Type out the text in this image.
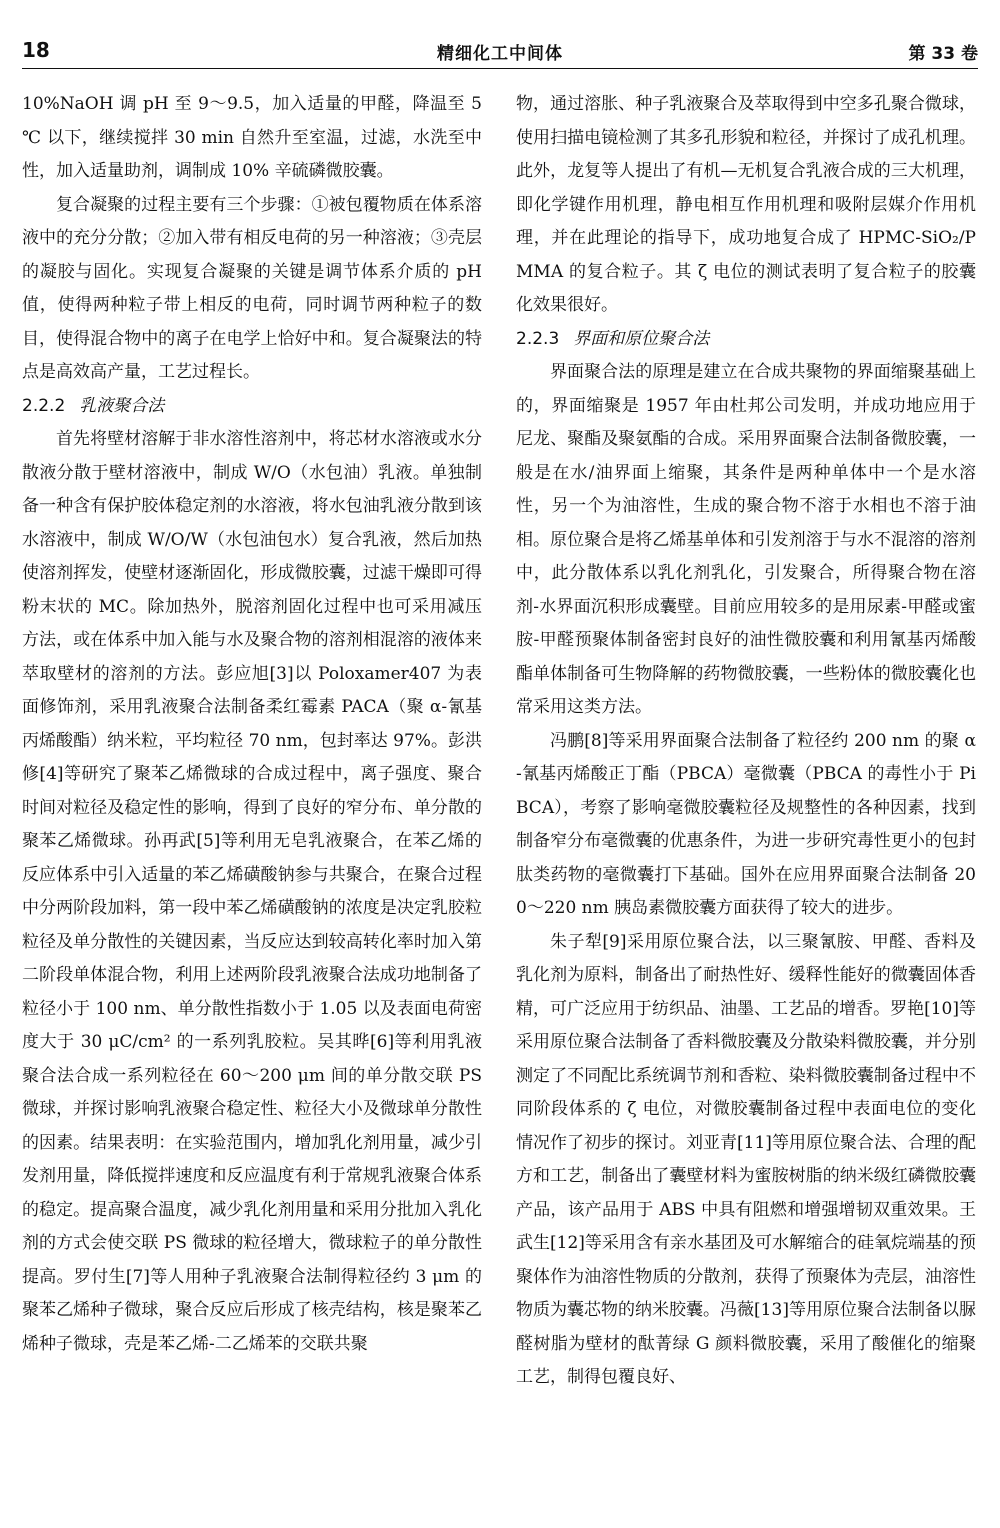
18	精细化工中间体	第 33 卷

10%NaOH 调 pH 至 9～9.5，加入适量的甲醛，降温至 5 ℃ 以下，继续搅拌 30 min 自然升至室温，过滤，水洗至中性，加入适量助剂，调制成 10% 辛硫磷微胶囊。

复合凝聚的过程主要有三个步骤：①被包覆物质在体系溶液中的充分分散；②加入带有相反电荷的另一种溶液；③壳层的凝胶与固化。实现复合凝聚的关键是调节体系介质的 pH 值，使得两种粒子带上相反的电荷，同时调节两种粒子的数目，使得混合物中的离子在电学上恰好中和。复合凝聚法的特点是高效高产量，工艺过程长。

2.2.2 乳液聚合法

首先将壁材溶解于非水溶性溶剂中，将芯材水溶液或水分散液分散于壁材溶液中，制成 W/O（水包油）乳液。单独制备一种含有保护胶体稳定剂的水溶液，将水包油乳液分散到该水溶液中，制成 W/O/W（水包油包水）复合乳液，然后加热使溶剂挥发，使壁材逐渐固化，形成微胶囊，过滤干燥即可得粉末状的 MC。除加热外，脱溶剂固化过程中也可采用减压方法，或在体系中加入能与水及聚合物的溶剂相混溶的液体来萃取壁材的溶剂的方法。彭应旭[3]以 Poloxamer407 为表面修饰剂，采用乳液聚合法制备柔红霉素 PACA（聚 α-氰基丙烯酸酯）纳米粒，平均粒径 70 nm，包封率达 97%。彭洪修[4]等研究了聚苯乙烯微球的合成过程中，离子强度、聚合时间对粒径及稳定性的影响，得到了良好的窄分布、单分散的聚苯乙烯微球。孙再武[5]等利用无皂乳液聚合，在苯乙烯的反应体系中引入适量的苯乙烯磺酸钠参与共聚合，在聚合过程中分两阶段加料，第一段中苯乙烯磺酸钠的浓度是决定乳胶粒粒径及单分散性的关键因素，当反应达到较高转化率时加入第二阶段单体混合物，利用上述两阶段乳液聚合法成功地制备了粒径小于 100 nm、单分散性指数小于 1.05 以及表面电荷密度大于 30 μC/cm² 的一系列乳胶粒。吴其晔[6]等利用乳液聚合法合成一系列粒径在 60～200 μm 间的单分散交联 PS 微球，并探讨影响乳液聚合稳定性、粒径大小及微球单分散性的因素。结果表明：在实验范围内，增加乳化剂用量，减少引发剂用量，降低搅拌速度和反应温度有利于常规乳液聚合体系的稳定。提高聚合温度，减少乳化剂用量和采用分批加入乳化剂的方式会使交联 PS 微球的粒径增大，微球粒子的单分散性提高。罗付生[7]等人用种子乳液聚合法制得粒径约 3 μm 的聚苯乙烯种子微球，聚合反应后形成了核壳结构，核是聚苯乙烯种子微球，壳是苯乙烯-二乙烯苯的交联共聚

物，通过溶胀、种子乳液聚合及萃取得到中空多孔聚合微球，使用扫描电镜检测了其多孔形貌和粒径，并探讨了成孔机理。此外，龙复等人提出了有机—无机复合乳液合成的三大机理，即化学键作用机理，静电相互作用机理和吸附层媒介作用机理，并在此理论的指导下，成功地复合成了 HPMC-SiO₂/PMMA 的复合粒子。其 ζ 电位的测试表明了复合粒子的胶囊化效果很好。

2.2.3 界面和原位聚合法

界面聚合法的原理是建立在合成共聚物的界面缩聚基础上的，界面缩聚是 1957 年由杜邦公司发明，并成功地应用于尼龙、聚酯及聚氨酯的合成。采用界面聚合法制备微胶囊，一般是在水/油界面上缩聚，其条件是两种单体中一个是水溶性，另一个为油溶性，生成的聚合物不溶于水相也不溶于油相。原位聚合是将乙烯基单体和引发剂溶于与水不混溶的溶剂中，此分散体系以乳化剂乳化，引发聚合，所得聚合物在溶剂-水界面沉积形成囊壁。目前应用较多的是用尿素-甲醛或蜜胺-甲醛预聚体制备密封良好的油性微胶囊和利用氰基丙烯酸酯单体制备可生物降解的药物微胶囊，一些粉体的微胶囊化也常采用这类方法。

冯鹏[8]等采用界面聚合法制备了粒径约 200 nm 的聚 α-氰基丙烯酸正丁酯（PBCA）毫微囊（PBCA 的毒性小于 PiBCA），考察了影响毫微胶囊粒径及规整性的各种因素，找到制备窄分布毫微囊的优惠条件，为进一步研究毒性更小的包封肽类药物的毫微囊打下基础。国外在应用界面聚合法制备 200～220 nm 胰岛素微胶囊方面获得了较大的进步。

朱子犁[9]采用原位聚合法，以三聚氰胺、甲醛、香料及乳化剂为原料，制备出了耐热性好、缓释性能好的微囊固体香精，可广泛应用于纺织品、油墨、工艺品的增香。罗艳[10]等采用原位聚合法制备了香料微胶囊及分散染料微胶囊，并分别测定了不同配比系统调节剂和香粒、染料微胶囊制备过程中不同阶段体系的 ζ 电位，对微胶囊制备过程中表面电位的变化情况作了初步的探讨。刘亚青[11]等用原位聚合法、合理的配方和工艺，制备出了囊壁材料为蜜胺树脂的纳米级红磷微胶囊产品，该产品用于 ABS 中具有阻燃和增强增韧双重效果。王武生[12]等采用含有亲水基团及可水解缩合的硅氧烷端基的预聚体作为油溶性物质的分散剂，获得了预聚体为壳层，油溶性物质为囊芯物的纳米胶囊。冯薇[13]等用原位聚合法制备以脲醛树脂为壁材的酞菁绿 G 颜料微胶囊，采用了酸催化的缩聚工艺，制得包覆良好、
